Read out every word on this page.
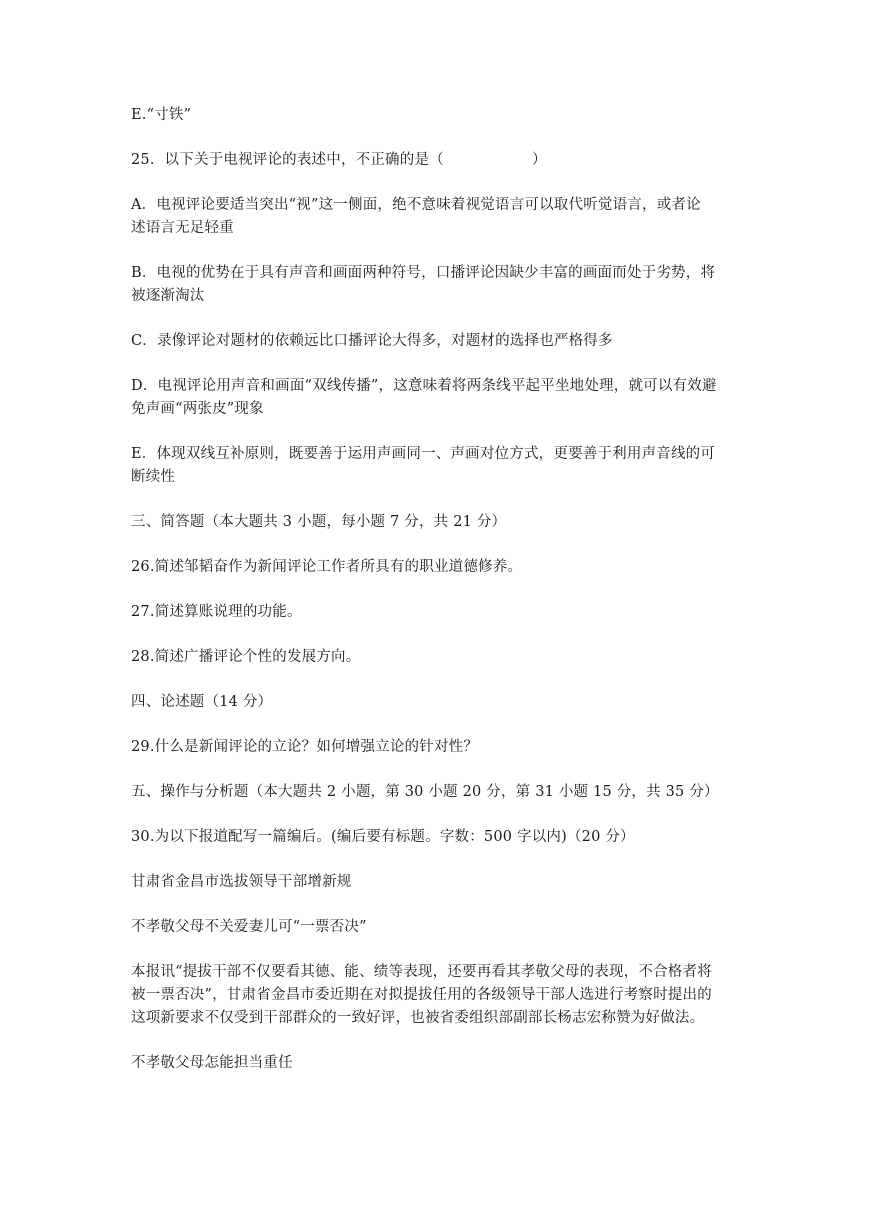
E.“寸铁”

25．以下关于电视评论的表述中，不正确的是（　　　　　　）

A．电视评论要适当突出“视”这一侧面，绝不意味着视觉语言可以取代听觉语言，或者论
述语言无足轻重

B．电视的优势在于具有声音和画面两种符号，口播评论因缺少丰富的画面而处于劣势，将
被逐渐淘汰

C．录像评论对题材的依赖远比口播评论大得多，对题材的选择也严格得多

D．电视评论用声音和画面“双线传播”，这意味着将两条线平起平坐地处理，就可以有效避
免声画“两张皮”现象

E．体现双线互补原则，既要善于运用声画同一、声画对位方式，更要善于利用声音线的可
断续性

三、简答题（本大题共 3 小题，每小题 7 分，共 21 分）

26.简述邹韬奋作为新闻评论工作者所具有的职业道德修养。

27.简述算账说理的功能。

28.简述广播评论个性的发展方向。

四、论述题（14 分）

29.什么是新闻评论的立论？如何增强立论的针对性？

五、操作与分析题（本大题共 2 小题，第 30 小题 20 分，第 31 小题 15 分，共 35 分）

30.为以下报道配写一篇编后。(编后要有标题。字数：500 字以内)（20 分）

甘肃省金昌市选拔领导干部增新规

不孝敬父母不关爱妻儿可“一票否决”

本报讯“提拔干部不仅要看其德、能、绩等表现，还要再看其孝敬父母的表现，不合格者将
被一票否决”，甘肃省金昌市委近期在对拟提拔任用的各级领导干部人选进行考察时提出的
这项新要求不仅受到干部群众的一致好评，也被省委组织部副部长杨志宏称赞为好做法。

不孝敬父母怎能担当重任
